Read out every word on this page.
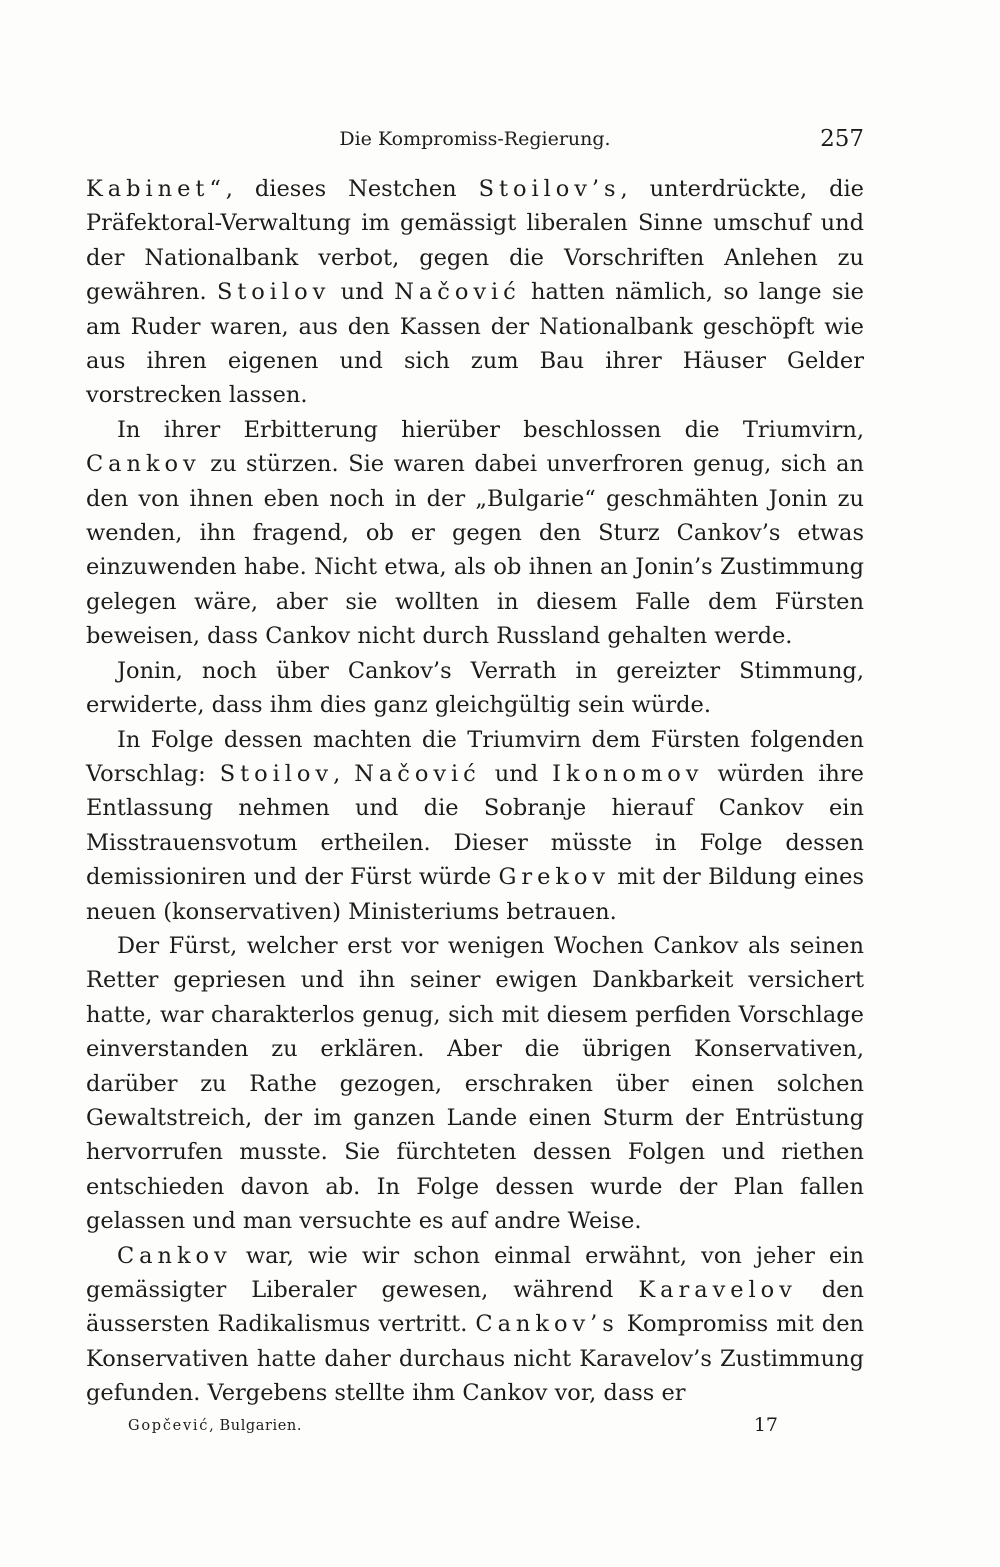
Die Kompromiss-Regierung.	257

Kabinet“, dieses Nestchen Stoilov’s, unterdrückte, die Präfektoral-Verwaltung im gemässigt liberalen Sinne umschuf und der Nationalbank verbot, gegen die Vorschriften Anlehen zu gewähren. Stoilov und Načović hatten nämlich, so lange sie am Ruder waren, aus den Kassen der Nationalbank geschöpft wie aus ihren eigenen und sich zum Bau ihrer Häuser Gelder vorstrecken lassen.

In ihrer Erbitterung hierüber beschlossen die Triumvirn, Cankov zu stürzen. Sie waren dabei unverfroren genug, sich an den von ihnen eben noch in der „Bulgarie“ geschmähten Jonin zu wenden, ihn fragend, ob er gegen den Sturz Cankov’s etwas einzuwenden habe. Nicht etwa, als ob ihnen an Jonin’s Zustimmung gelegen wäre, aber sie wollten in diesem Falle dem Fürsten beweisen, dass Cankov nicht durch Russland gehalten werde.

Jonin, noch über Cankov’s Verrath in gereizter Stimmung, erwiderte, dass ihm dies ganz gleichgültig sein würde.

In Folge dessen machten die Triumvirn dem Fürsten folgenden Vorschlag: Stoilov, Načović und Ikonomov würden ihre Entlassung nehmen und die Sobranje hierauf Cankov ein Misstrauensvotum ertheilen. Dieser müsste in Folge dessen demissioniren und der Fürst würde Grekov mit der Bildung eines neuen (konservativen) Ministeriums betrauen.

Der Fürst, welcher erst vor wenigen Wochen Cankov als seinen Retter gepriesen und ihn seiner ewigen Dankbarkeit versichert hatte, war charakterlos genug, sich mit diesem perfiden Vorschlage einverstanden zu erklären. Aber die übrigen Konservativen, darüber zu Rathe gezogen, erschraken über einen solchen Gewaltstreich, der im ganzen Lande einen Sturm der Entrüstung hervorrufen musste. Sie fürchteten dessen Folgen und riethen entschieden davon ab. In Folge dessen wurde der Plan fallen gelassen und man versuchte es auf andre Weise.

Cankov war, wie wir schon einmal erwähnt, von jeher ein gemässigter Liberaler gewesen, während Karavelov den äussersten Radikalismus vertritt. Cankov’s Kompromiss mit den Konservativen hatte daher durchaus nicht Karavelov’s Zustimmung gefunden. Vergebens stellte ihm Cankov vor, dass er

Gopčević, Bulgarien.	17
